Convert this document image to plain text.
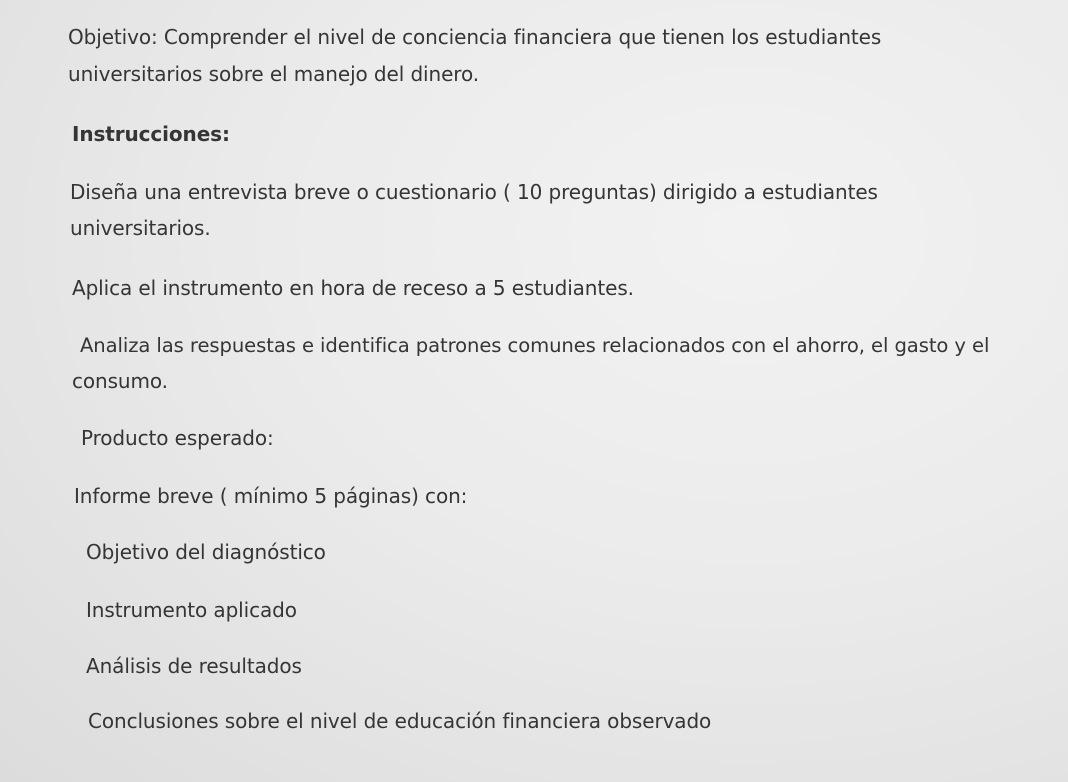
Objetivo: Comprender el nivel de conciencia financiera que tienen los estudiantes
universitarios sobre el manejo del dinero.
Instrucciones:
Diseña una entrevista breve o cuestionario ( 10 preguntas) dirigido a estudiantes
universitarios.
Aplica el instrumento en hora de receso a 5 estudiantes.
Analiza las respuestas e identifica patrones comunes relacionados con el ahorro, el gasto y el
consumo.
Producto esperado:
Informe breve ( mínimo 5 páginas) con:
Objetivo del diagnóstico
Instrumento aplicado
Análisis de resultados
Conclusiones sobre el nivel de educación financiera observado
